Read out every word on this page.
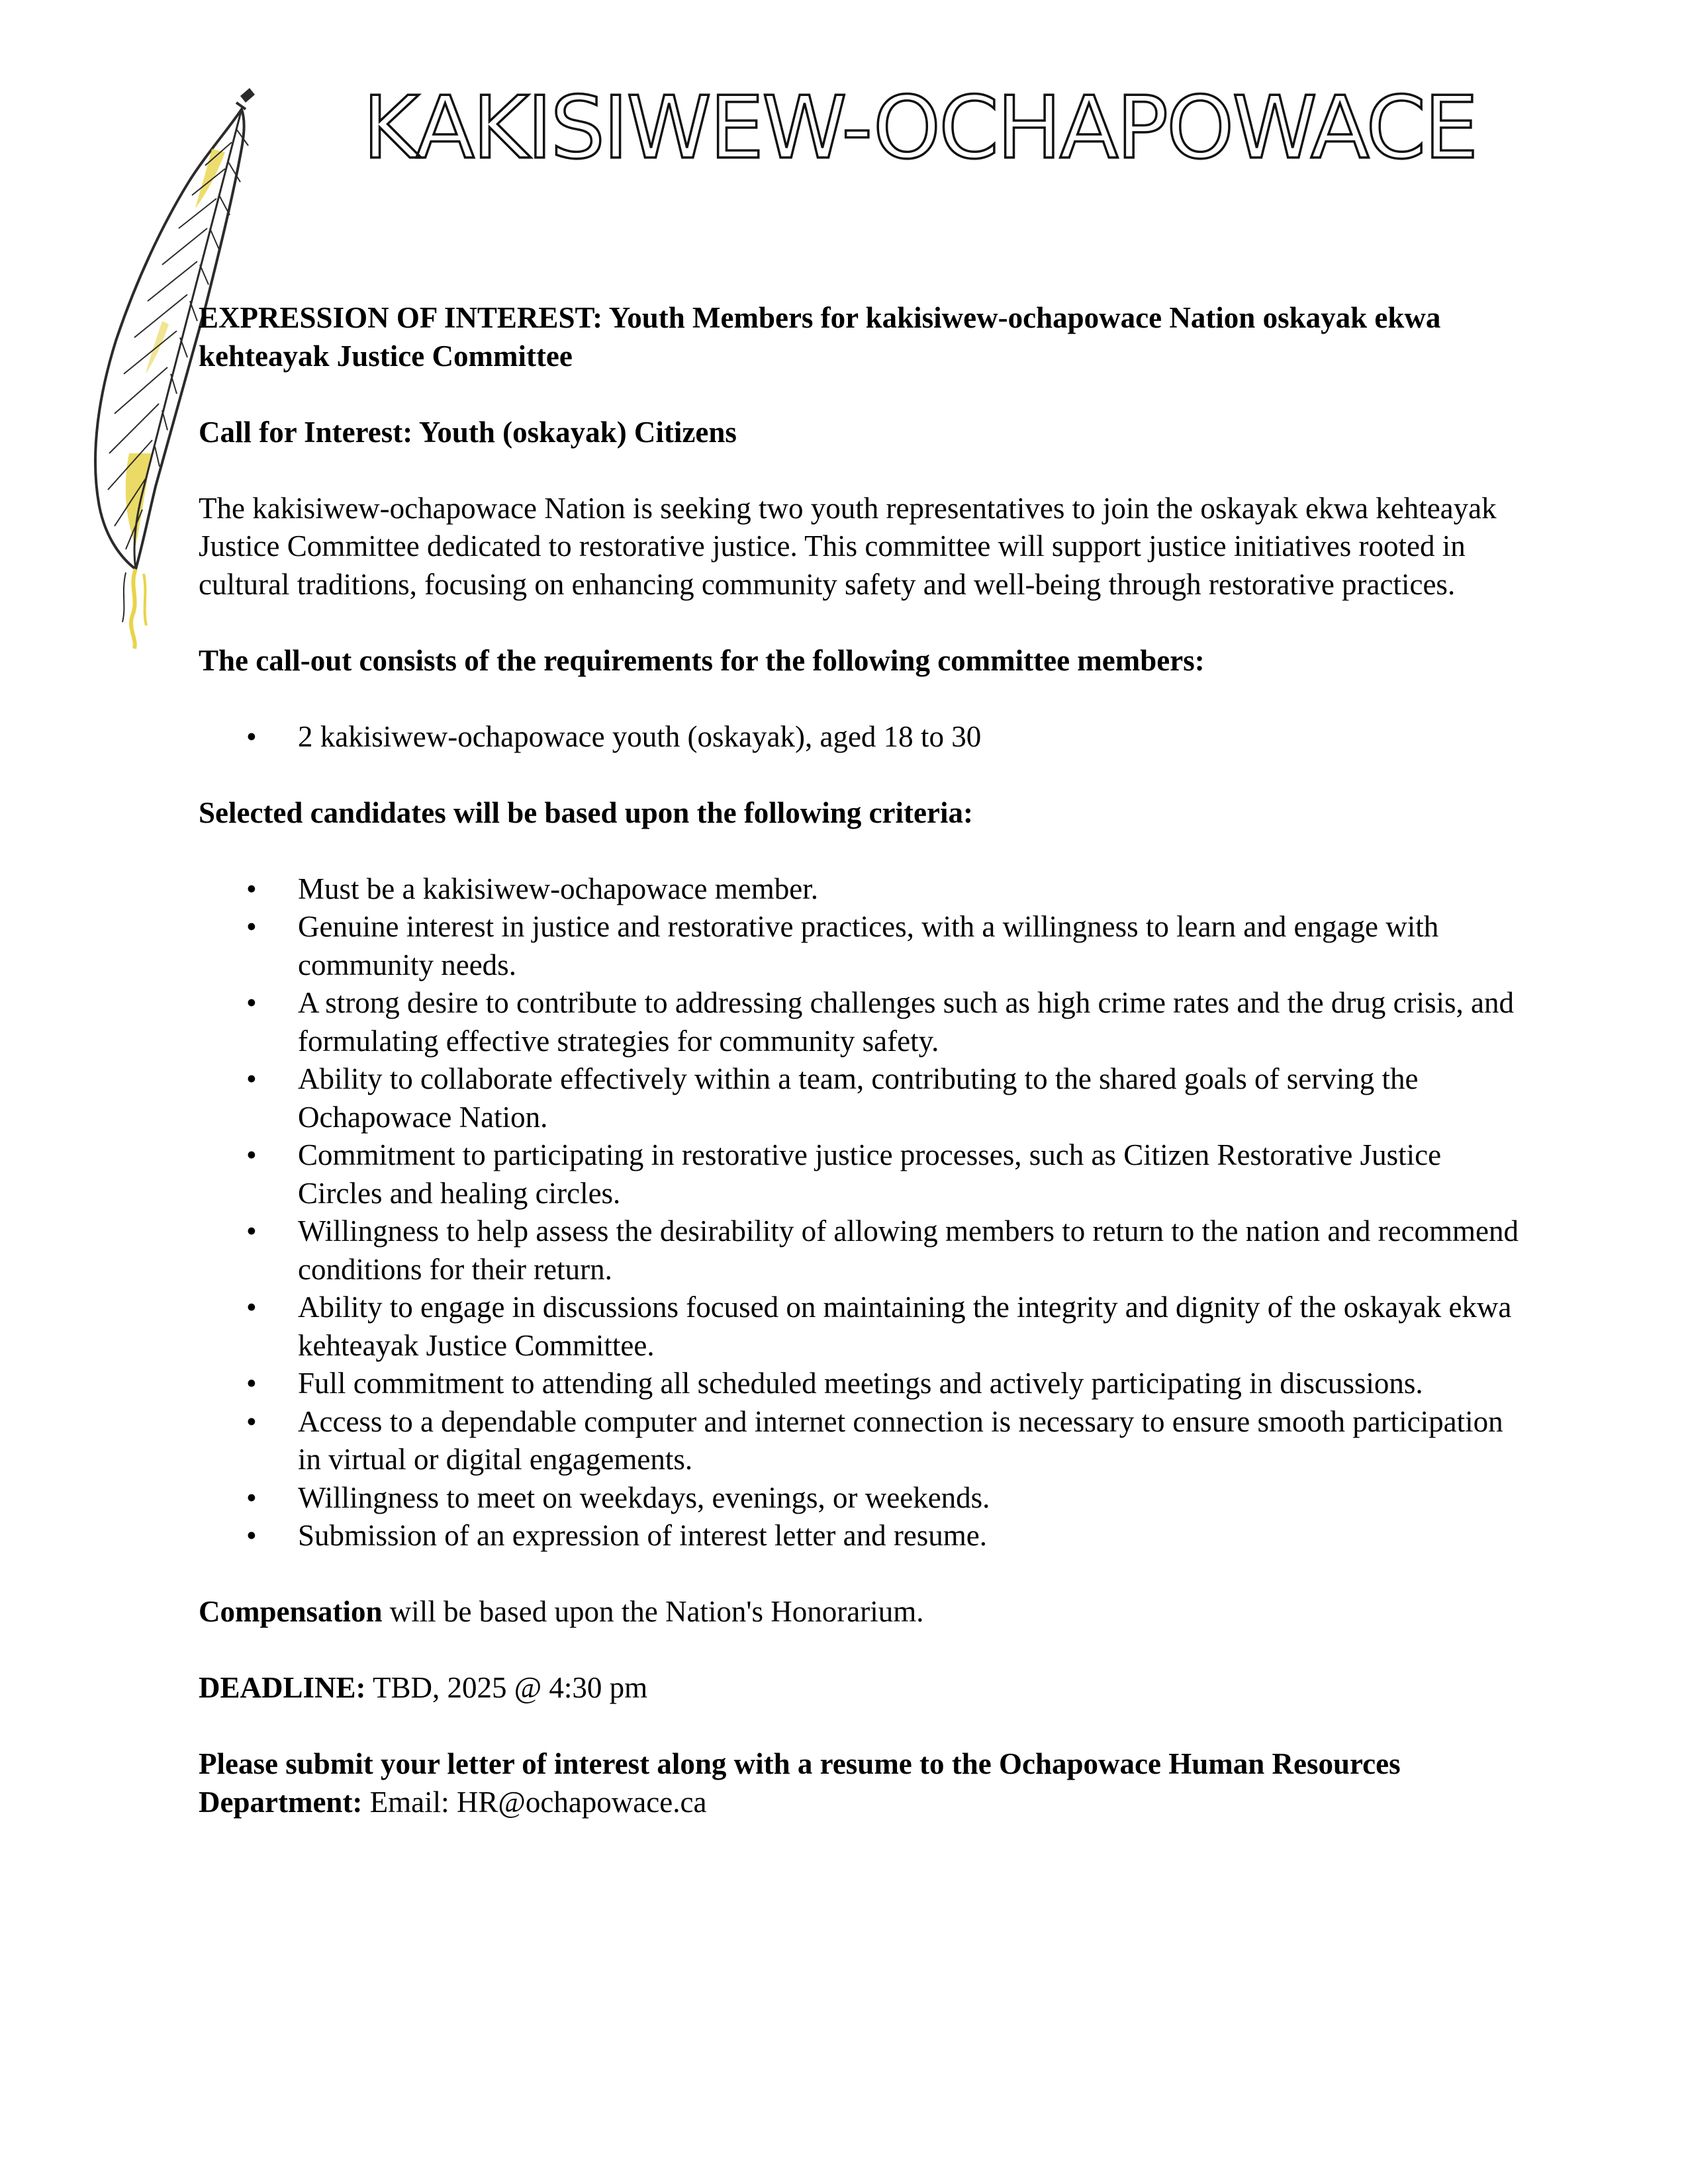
KAKISIWEW-OCHAPOWACE
EXPRESSION OF INTEREST: Youth Members for kakisiwew-ochapowace Nation oskayak ekwa kehteayak Justice Committee
Call for Interest: Youth (oskayak) Citizens

The kakisiwew-ochapowace Nation is seeking two youth representatives to join the oskayak ekwa kehteayak Justice Committee dedicated to restorative justice. This committee will support justice initiatives rooted in cultural traditions, focusing on enhancing community safety and well-being through restorative practices.

The call-out consists of the requirements for the following committee members:
• 2 kakisiwew-ochapowace youth (oskayak), aged 18 to 30
Selected candidates will be based upon the following criteria:
• Must be a kakisiwew-ochapowace member.
• Genuine interest in justice and restorative practices, with a willingness to learn and engage with community needs.
• A strong desire to contribute to addressing challenges such as high crime rates and the drug crisis, and formulating effective strategies for community safety.
• Ability to collaborate effectively within a team, contributing to the shared goals of serving the Ochapowace Nation.
• Commitment to participating in restorative justice processes, such as Citizen Restorative Justice Circles and healing circles.
• Willingness to help assess the desirability of allowing members to return to the nation and recommend conditions for their return.
• Ability to engage in discussions focused on maintaining the integrity and dignity of the oskayak ekwa kehteayak Justice Committee.
• Full commitment to attending all scheduled meetings and actively participating in discussions.
• Access to a dependable computer and internet connection is necessary to ensure smooth participation in virtual or digital engagements.
• Willingness to meet on weekdays, evenings, or weekends.
• Submission of an expression of interest letter and resume.

Compensation will be based upon the Nation's Honorarium.

DEADLINE: TBD, 2025 @ 4:30 pm

Please submit your letter of interest along with a resume to the Ochapowace Human Resources Department: Email: HR@ochapowace.ca
